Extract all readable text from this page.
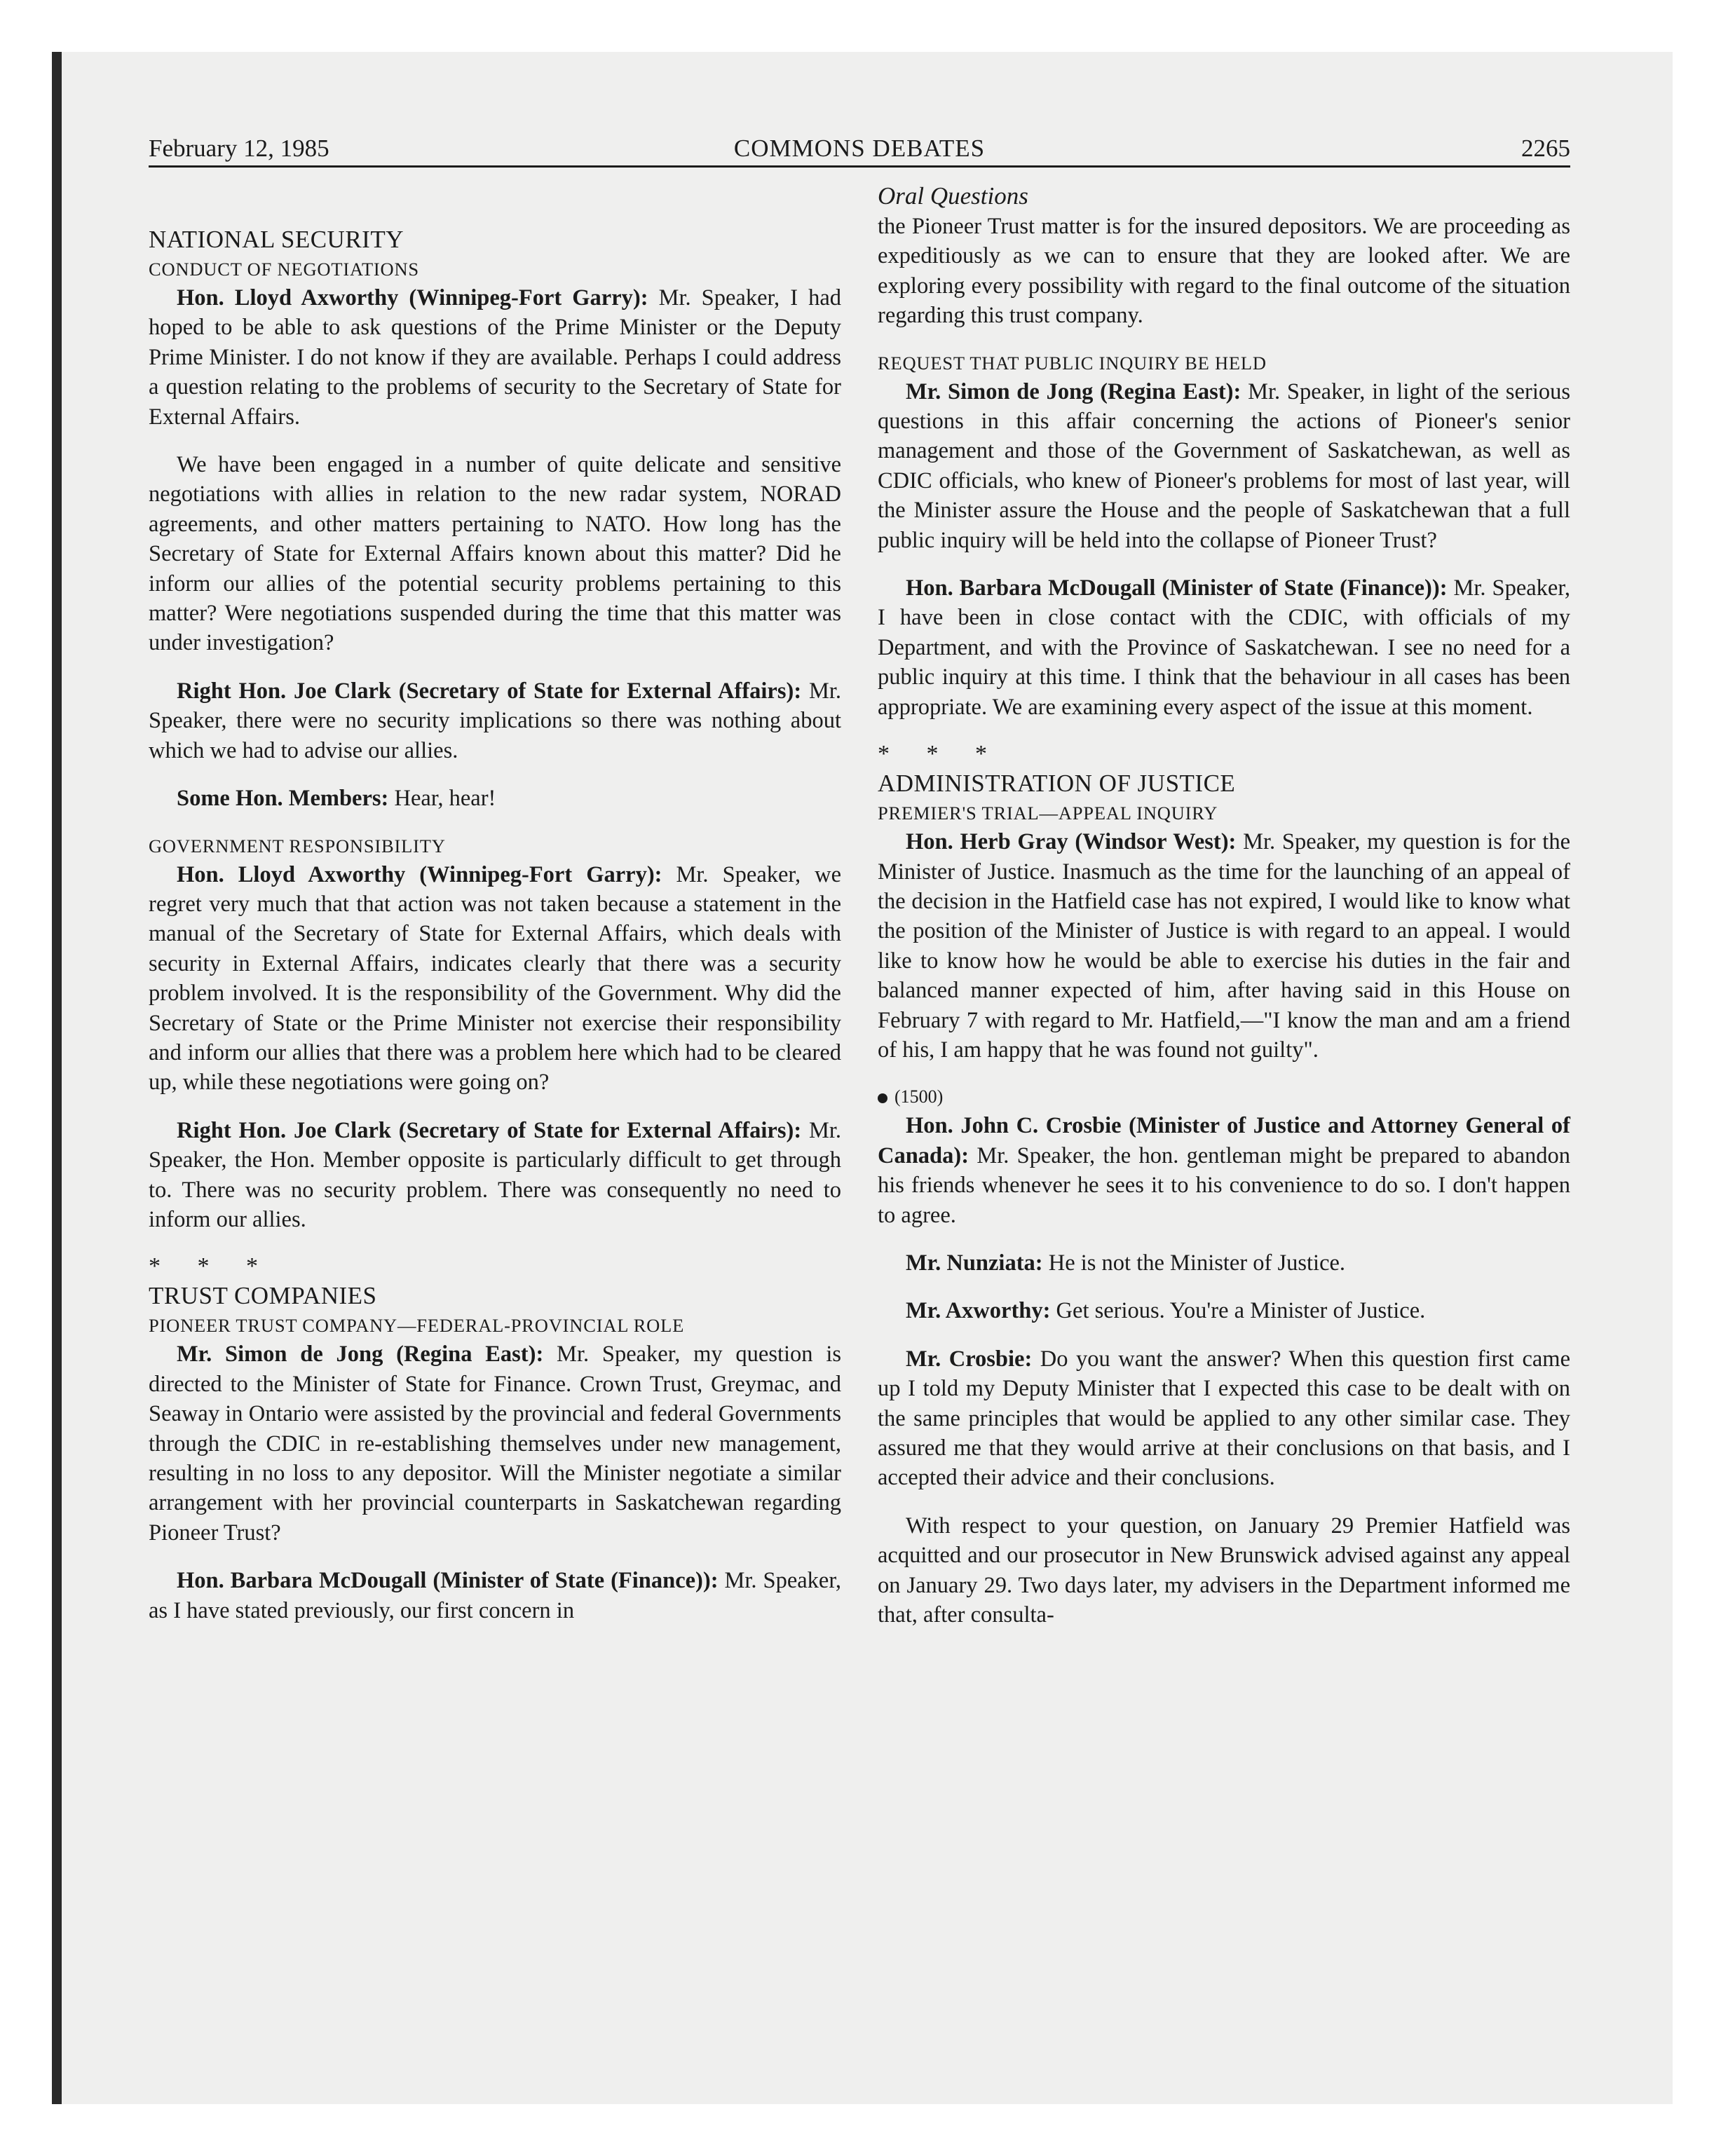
February 12, 1985	COMMONS DEBATES	2265

NATIONAL SECURITY

CONDUCT OF NEGOTIATIONS

Hon. Lloyd Axworthy (Winnipeg-Fort Garry): Mr. Speaker, I had hoped to be able to ask questions of the Prime Minister or the Deputy Prime Minister. I do not know if they are available. Perhaps I could address a question relating to the problems of security to the Secretary of State for External Affairs.

We have been engaged in a number of quite delicate and sensitive negotiations with allies in relation to the new radar system, NORAD agreements, and other matters pertaining to NATO. How long has the Secretary of State for External Affairs known about this matter? Did he inform our allies of the potential security problems pertaining to this matter? Were negotiations suspended during the time that this matter was under investigation?

Right Hon. Joe Clark (Secretary of State for External Affairs): Mr. Speaker, there were no security implications so there was nothing about which we had to advise our allies.

Some Hon. Members: Hear, hear!

GOVERNMENT RESPONSIBILITY

Hon. Lloyd Axworthy (Winnipeg-Fort Garry): Mr. Speaker, we regret very much that that action was not taken because a statement in the manual of the Secretary of State for External Affairs, which deals with security in External Affairs, indicates clearly that there was a security problem involved. It is the responsibility of the Government. Why did the Secretary of State or the Prime Minister not exercise their responsibility and inform our allies that there was a problem here which had to be cleared up, while these negotiations were going on?

Right Hon. Joe Clark (Secretary of State for External Affairs): Mr. Speaker, the Hon. Member opposite is particularly difficult to get through to. There was no security problem. There was consequently no need to inform our allies.

* * *

TRUST COMPANIES

PIONEER TRUST COMPANY—FEDERAL-PROVINCIAL ROLE

Mr. Simon de Jong (Regina East): Mr. Speaker, my question is directed to the Minister of State for Finance. Crown Trust, Greymac, and Seaway in Ontario were assisted by the provincial and federal Governments through the CDIC in re-establishing themselves under new management, resulting in no loss to any depositor. Will the Minister negotiate a similar arrangement with her provincial counterparts in Saskatchewan regarding Pioneer Trust?

Hon. Barbara McDougall (Minister of State (Finance)): Mr. Speaker, as I have stated previously, our first concern in

Oral Questions

the Pioneer Trust matter is for the insured depositors. We are proceeding as expeditiously as we can to ensure that they are looked after. We are exploring every possibility with regard to the final outcome of the situation regarding this trust company.

REQUEST THAT PUBLIC INQUIRY BE HELD

Mr. Simon de Jong (Regina East): Mr. Speaker, in light of the serious questions in this affair concerning the actions of Pioneer's senior management and those of the Government of Saskatchewan, as well as CDIC officials, who knew of Pioneer's problems for most of last year, will the Minister assure the House and the people of Saskatchewan that a full public inquiry will be held into the collapse of Pioneer Trust?

Hon. Barbara McDougall (Minister of State (Finance)): Mr. Speaker, I have been in close contact with the CDIC, with officials of my Department, and with the Province of Saskatchewan. I see no need for a public inquiry at this time. I think that the behaviour in all cases has been appropriate. We are examining every aspect of the issue at this moment.

* * *

ADMINISTRATION OF JUSTICE

PREMIER'S TRIAL—APPEAL INQUIRY

Hon. Herb Gray (Windsor West): Mr. Speaker, my question is for the Minister of Justice. Inasmuch as the time for the launching of an appeal of the decision in the Hatfield case has not expired, I would like to know what the position of the Minister of Justice is with regard to an appeal. I would like to know how he would be able to exercise his duties in the fair and balanced manner expected of him, after having said in this House on February 7 with regard to Mr. Hatfield,—"I know the man and am a friend of his, I am happy that he was found not guilty".

(1500)

Hon. John C. Crosbie (Minister of Justice and Attorney General of Canada): Mr. Speaker, the hon. gentleman might be prepared to abandon his friends whenever he sees it to his convenience to do so. I don't happen to agree.

Mr. Nunziata: He is not the Minister of Justice.

Mr. Axworthy: Get serious. You're a Minister of Justice.

Mr. Crosbie: Do you want the answer? When this question first came up I told my Deputy Minister that I expected this case to be dealt with on the same principles that would be applied to any other similar case. They assured me that they would arrive at their conclusions on that basis, and I accepted their advice and their conclusions.

With respect to your question, on January 29 Premier Hatfield was acquitted and our prosecutor in New Brunswick advised against any appeal on January 29. Two days later, my advisers in the Department informed me that, after consulta-
